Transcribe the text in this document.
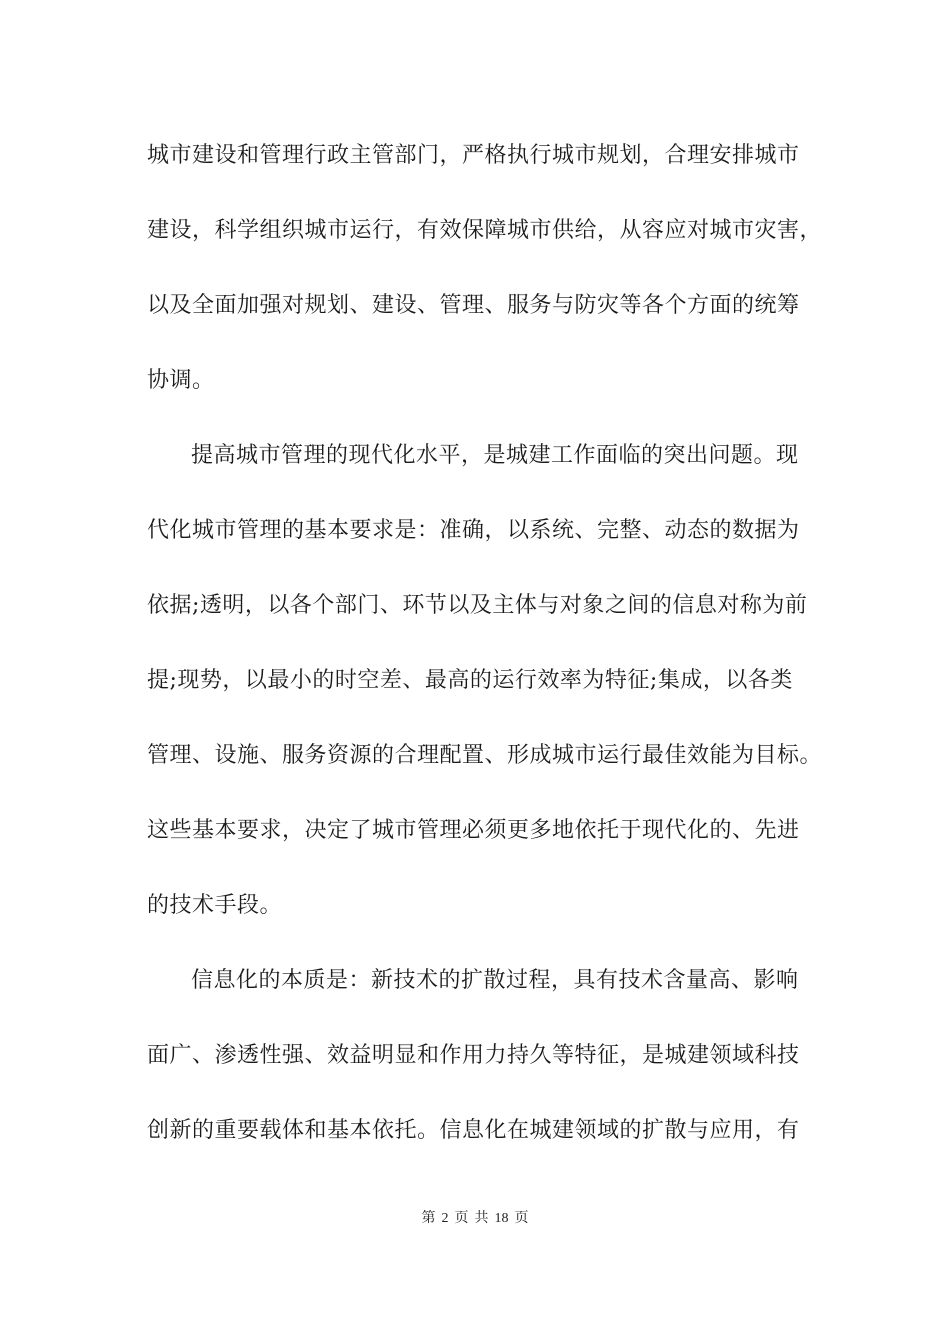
城市建设和管理行政主管部门，严格执行城市规划，合理安排城市
建设，科学组织城市运行，有效保障城市供给，从容应对城市灾害，
以及全面加强对规划、建设、管理、服务与防灾等各个方面的统筹
协调。
提高城市管理的现代化水平，是城建工作面临的突出问题。现
代化城市管理的基本要求是：准确，以系统、完整、动态的数据为
依据;透明，以各个部门、环节以及主体与对象之间的信息对称为前
提;现势，以最小的时空差、最高的运行效率为特征;集成，以各类
管理、设施、服务资源的合理配置、形成城市运行最佳效能为目标。
这些基本要求，决定了城市管理必须更多地依托于现代化的、先进
的技术手段。
信息化的本质是：新技术的扩散过程，具有技术含量高、影响
面广、渗透性强、效益明显和作用力持久等特征，是城建领域科技
创新的重要载体和基本依托。信息化在城建领域的扩散与应用，有
第 2 页 共 18 页
